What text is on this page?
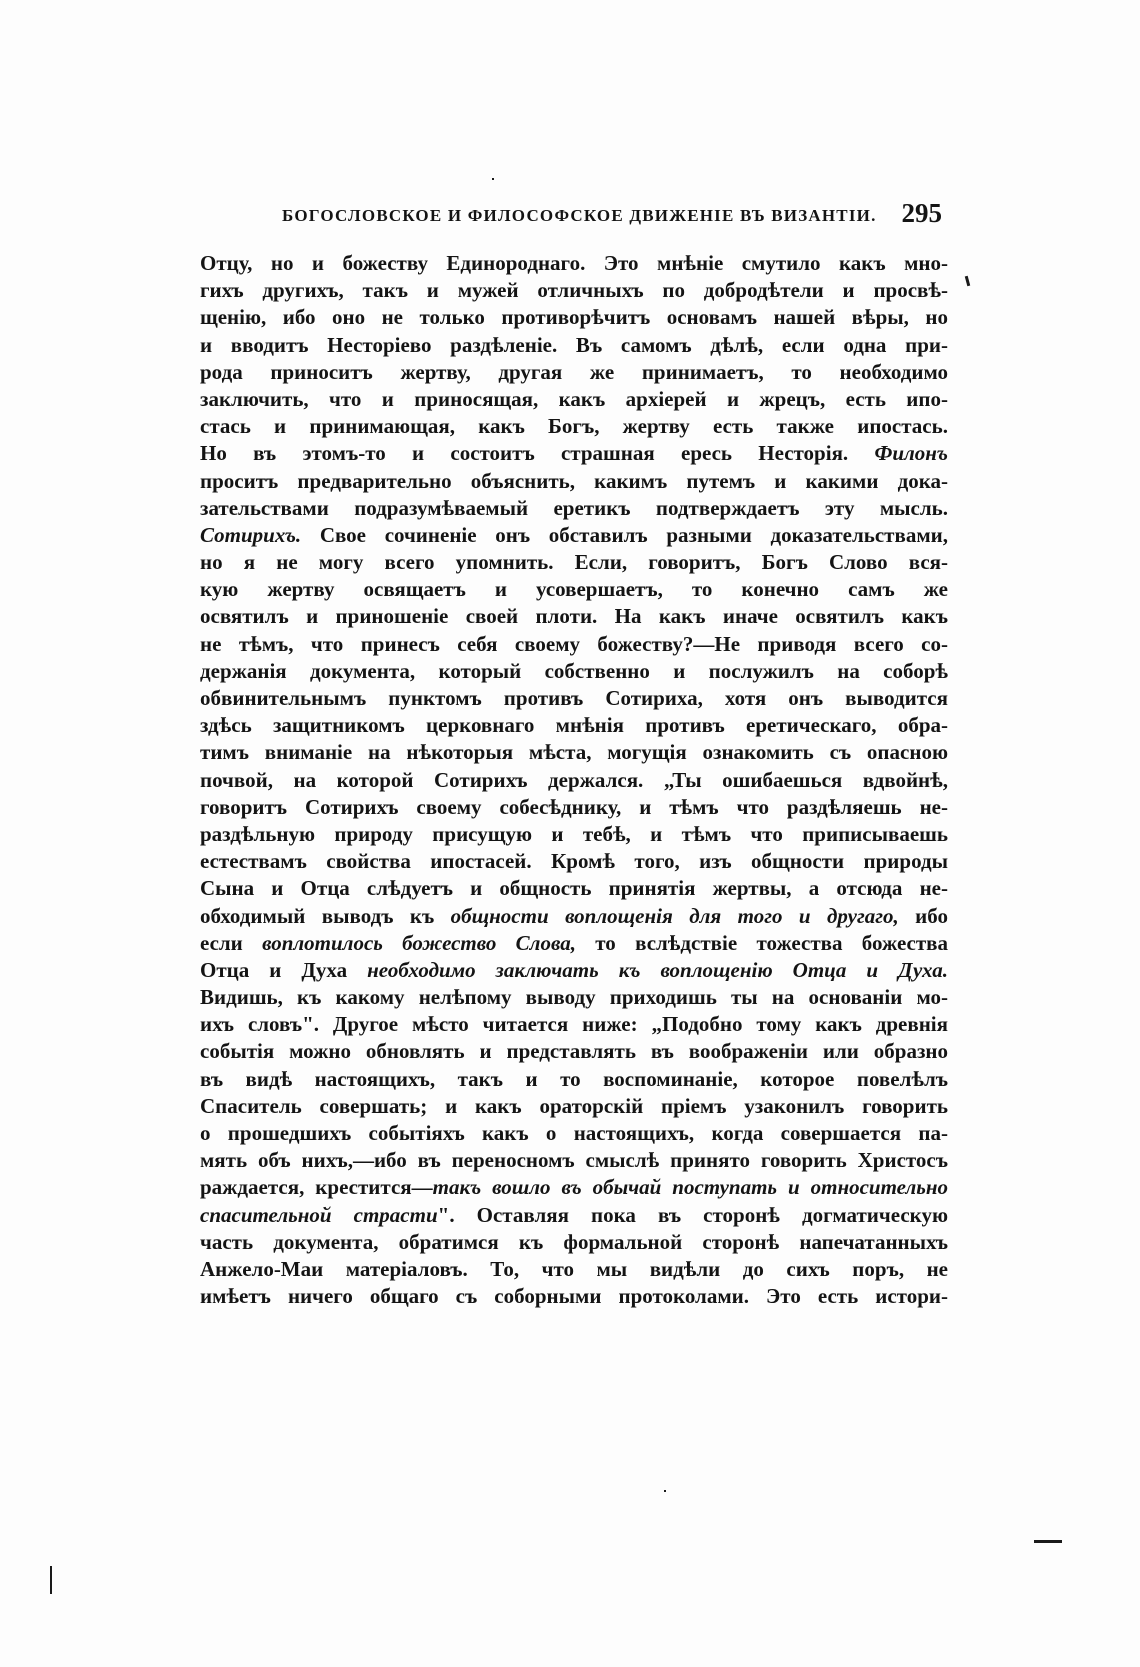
БОГОСЛОВСКОЕ И ФИЛОСОФСКОЕ ДВИЖЕНІЕ ВЪ ВИЗАНТІИ. 295
Отцу, но и божеству Единороднаго. Это мнѣніе смутило какъ мно-
гихъ другихъ, такъ и мужей отличныхъ по добродѣтели и просвѣ-
щенію, ибо оно не только противорѣчитъ основамъ нашей вѣры, но
и вводитъ Несторіево раздѣленіе. Въ самомъ дѣлѣ, если одна при-
рода приноситъ жертву, другая же принимаетъ, то необходимо
заключить, что и приносящая, какъ архіерей и жрецъ, есть ипо-
стась и принимающая, какъ Богъ, жертву есть также ипостась.
Но въ этомъ-то и состоитъ страшная ересь Несторія. Филонъ
проситъ предварительно объяснить, какимъ путемъ и какими дока-
зательствами подразумѣваемый еретикъ подтверждаетъ эту мысль.
Сотирихъ. Свое сочиненіе онъ обставилъ разными доказательствами,
но я не могу всего упомнить. Если, говоритъ, Богъ Слово вся-
кую жертву освящаетъ и усовершаетъ, то конечно самъ же
освятилъ и приношеніе своей плоти. На какъ иначе освятилъ какъ
не тѣмъ, что принесъ себя своему божеству?—Не приводя всего со-
держанія документа, который собственно и послужилъ на соборѣ
обвинительнымъ пунктомъ противъ Сотириха, хотя онъ выводится
здѣсь защитникомъ церковнаго мнѣнія противъ еретическаго, обра-
тимъ вниманіе на нѣкоторыя мѣста, могущія ознакомить съ опасною
почвой, на которой Сотирихъ держался. „Ты ошибаешься вдвойнѣ,
говоритъ Сотирихъ своему собесѣднику, и тѣмъ что раздѣляешь не-
раздѣльную природу присущую и тебѣ, и тѣмъ что приписываешь
естествамъ свойства ипостасей. Кромѣ того, изъ общности природы
Сына и Отца слѣдуетъ и общность принятія жертвы, а отсюда не-
обходимый выводъ къ общности воплощенія для того и другаго, ибо
если воплотилось божество Слова, то вслѣдствіе тожества божества
Отца и Духа необходимо заключать къ воплощенію Отца и Духа.
Видишь, къ какому нелѣпому выводу приходишь ты на основаніи мо-
ихъ словъ". Другое мѣсто читается ниже: „Подобно тому какъ древнія
событія можно обновлять и представлять въ воображеніи или образно
въ видѣ настоящихъ, такъ и то воспоминаніе, которое повелѣлъ
Спаситель совершать; и какъ ораторскій пріемъ узаконилъ говорить
о прошедшихъ событіяхъ какъ о настоящихъ, когда совершается па-
мять объ нихъ,—ибо въ переносномъ смыслѣ принято говорить Христосъ
раждается, крестится—такъ вошло въ обычай поступать и относительно
спасительной страсти". Оставляя пока въ сторонѣ догматическую
часть документа, обратимся къ формальной сторонѣ напечатанныхъ
Анжело-Маи матеріаловъ. То, что мы видѣли до сихъ поръ, не
имѣетъ ничего общаго съ соборными протоколами. Это есть истори-
